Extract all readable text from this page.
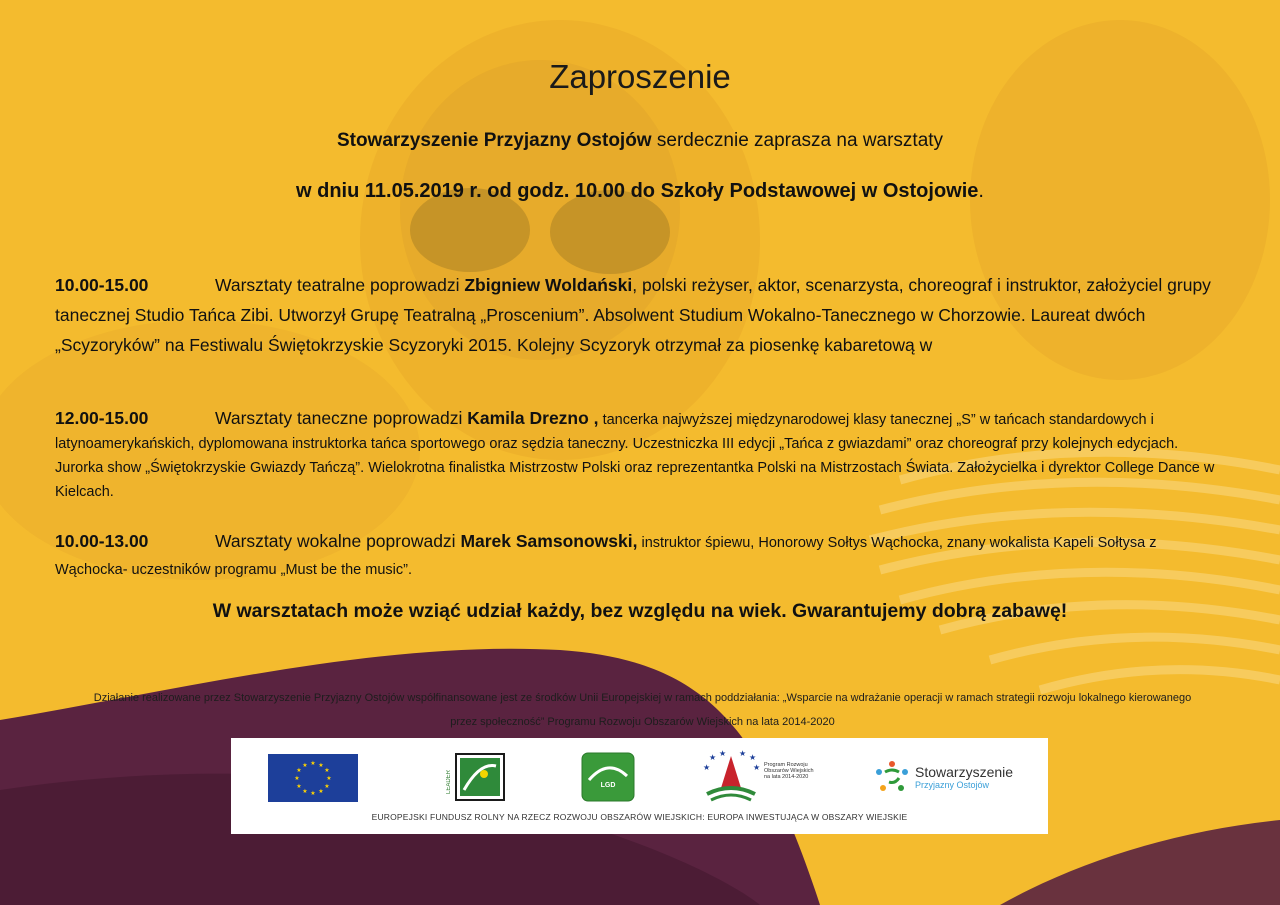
Zaproszenie
Stowarzyszenie Przyjazny Ostojów serdecznie zaprasza na warsztaty
w dniu 11.05.2019 r. od godz. 10.00 do Szkoły Podstawowej w Ostojowie.
10.00-15.00	Warsztaty teatralne poprowadzi Zbigniew Woldański, polski reżyser, aktor, scenarzysta, choreograf i instruktor, założyciel grupy tanecznej Studio Tańca Zibi. Utworzył Grupę Teatralną „Proscenium”. Absolwent Studium Wokalno-Tanecznego w Chorzowie. Laureat dwóch „Scyzoryków” na Festiwalu Świętokrzyskie Scyzoryki 2015. Kolejny Scyzoryk otrzymał za piosenkę kabaretową w
12.00-15.00	Warsztaty taneczne poprowadzi Kamila Drezno , tancerka najwyższej międzynarodowej klasy tanecznej „S” w tańcach standardowych i latynoamerykańskich, dyplomowana instruktorka tańca sportowego oraz sędzia taneczny. Uczestniczka III edycji „Tańca z gwiazdami” oraz choreograf przy kolejnych edycjach. Jurorka show „Świętokrzyskie Gwiazdy Tańczą”. Wielokrotna finalistka Mistrzostw Polski oraz reprezentantka Polski na Mistrzostach Świata. Założycielka i dyrektor College Dance w Kielcach.
10.00-13.00	Warsztaty wokalne poprowadzi Marek Samsonowski, instruktor śpiewu, Honorowy Sołtys Wąchocka, znany wokalista Kapeli Sołtysa z Wąchocka- uczestników programu „Must be the music”.
W warsztatach może wziąć udział każdy, bez względu na wiek. Gwarantujemy dobrą zabawę!
Działanie realizowane przez Stowarzyszenie Przyjazny Ostojów współfinansowane jest ze środków Unii Europejskiej w ramach poddziałania: „Wsparcie na wdrażanie operacji w ramach strategii rozwoju lokalnego kierowanego przez społeczność” Programu Rozwoju Obszarów Wiejskich na lata 2014-2020
★ ★
★
★
★
★
★
★
★
★
★
★
LEADER	LGD
★
★ ★ ★ ★
★ Program Rozwoju Obszarów Wiejskich na lata 2014-2020	Stowarzyszenie
Przyjazny Ostojów
EUROPEJSKI FUNDUSZ ROLNY NA RZECZ ROZWOJU OBSZARÓW WIEJSKICH: EUROPA INWESTUJĄCA W OBSZARY WIEJSKIE
